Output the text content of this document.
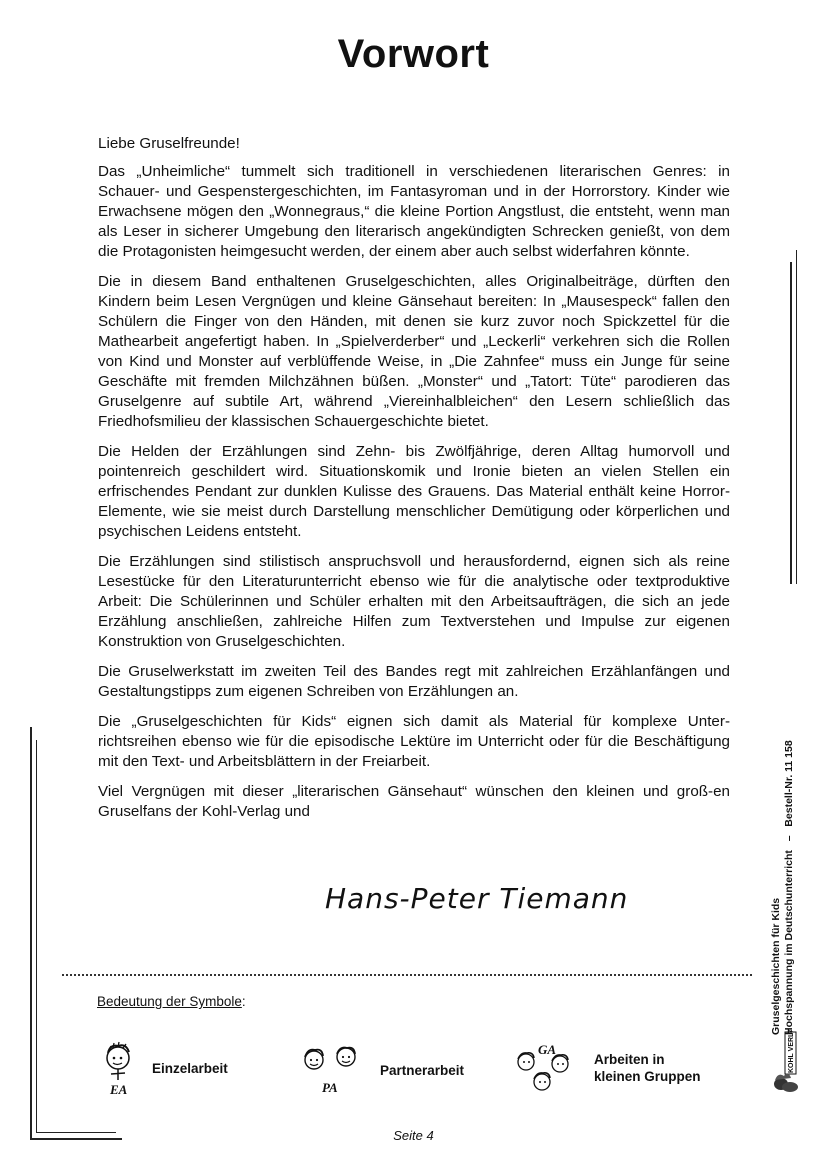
Vorwort

Liebe Gruselfreunde!

Das „Unheimliche“ tummelt sich traditionell in verschiedenen literarischen Genres: in Schauer- und Gespenstergeschichten, im Fantasyroman und in der Horrorstory. Kinder wie Erwachsene mögen den „Wonnegraus,“ die kleine Portion Angstlust, die entsteht, wenn man als Leser in sicherer Umgebung den literarisch angekündigten Schrecken genießt, von dem die Protagonisten heimgesucht werden, der einem aber auch selbst widerfahren könnte.

Die in diesem Band enthaltenen Gruselgeschichten, alles Originalbeiträge, dürften den Kindern beim Lesen Vergnügen und kleine Gänsehaut bereiten: In „Mausespeck“ fallen den Schülern die Finger von den Händen, mit denen sie kurz zuvor noch Spickzettel für die Mathearbeit angefertigt haben. In „Spielverderber“ und „Leckerli“ verkehren sich die Rollen von Kind und Monster auf verblüffende Weise, in „Die Zahnfee“ muss ein Junge für seine Geschäfte mit fremden Milchzähnen büßen. „Monster“ und „Tatort: Tüte“ parodieren das Gruselgenre auf subtile Art, während „Viereinhalbleichen“ den Lesern schließlich das Friedhofsmilieu der klassischen Schauergeschichte bietet.

Die Helden der Erzählungen sind Zehn- bis Zwölfjährige, deren Alltag humorvoll und pointenreich geschildert wird. Situationskomik und Ironie bieten an vielen Stellen ein erfrischendes Pendant zur dunklen Kulisse des Grauens. Das Material enthält keine Horror-Elemente, wie sie meist durch Darstellung menschlicher Demütigung oder körperlichen und psychischen Leidens entsteht.

Die Erzählungen sind stilistisch anspruchsvoll und herausfordernd, eignen sich als reine Lesestücke für den Literaturunterricht ebenso wie für die analytische oder textproduktive Arbeit: Die Schülerinnen und Schüler erhalten mit den Arbeitsaufträgen, die sich an jede Erzählung anschließen, zahlreiche Hilfen zum Textverstehen und Impulse zur eigenen Konstruktion von Gruselgeschichten.

Die Gruselwerkstatt im zweiten Teil des Bandes regt mit zahlreichen Erzählanfängen und Gestaltungstipps zum eigenen Schreiben von Erzählungen an.

Die „Gruselgeschichten für Kids“ eignen sich damit als Material für komplexe Unterrichtsreihen ebenso wie für die episodische Lektüre im Unterricht oder für die Beschäftigung mit den Text- und Arbeitsblättern in der Freiarbeit.

Viel Vergnügen mit dieser „literarischen Gänsehaut“ wünschen den kleinen und groß-en Gruselfans der Kohl-Verlag und

Hans-Peter Tiemann
Bedeutung der Symbole:
EA
Einzelarbeit
PA
Partnerarbeit
GA
Arbeiten in kleinen Gruppen
Gruselgeschichten für Kids Hochspannung im Deutschunterricht   –   Bestell-Nr. 11 158
KOHL VERLAG
Seite 4
